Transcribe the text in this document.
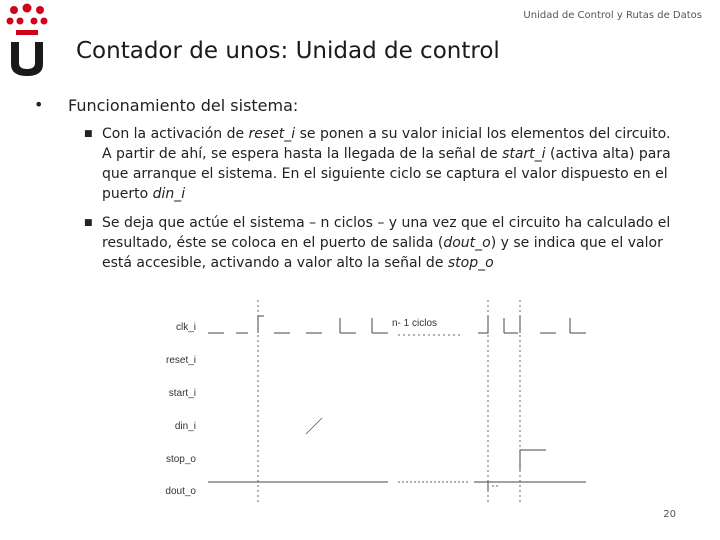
Unidad de Control y Rutas de Datos
Contador de unos: Unidad de control
• Funcionamiento del sistema:
■ Con la activación de reset_i se ponen a su valor inicial los elementos del circuito. A partir de ahí, se espera hasta la llegada de la señal de start_i (activa alta) para que arranque el sistema. En el siguiente ciclo se captura el valor dispuesto en el puerto din_i
■ Se deja que actúe el sistema – n ciclos – y una vez que el circuito ha calculado el resultado, éste se coloca en el puerto de salida (dout_o) y se indica que el valor está accesible, activando a valor alto la señal de stop_o
clk_i
reset_i
start_i
din_i
stop_o
dout_o
n- 1 ciclos
20
